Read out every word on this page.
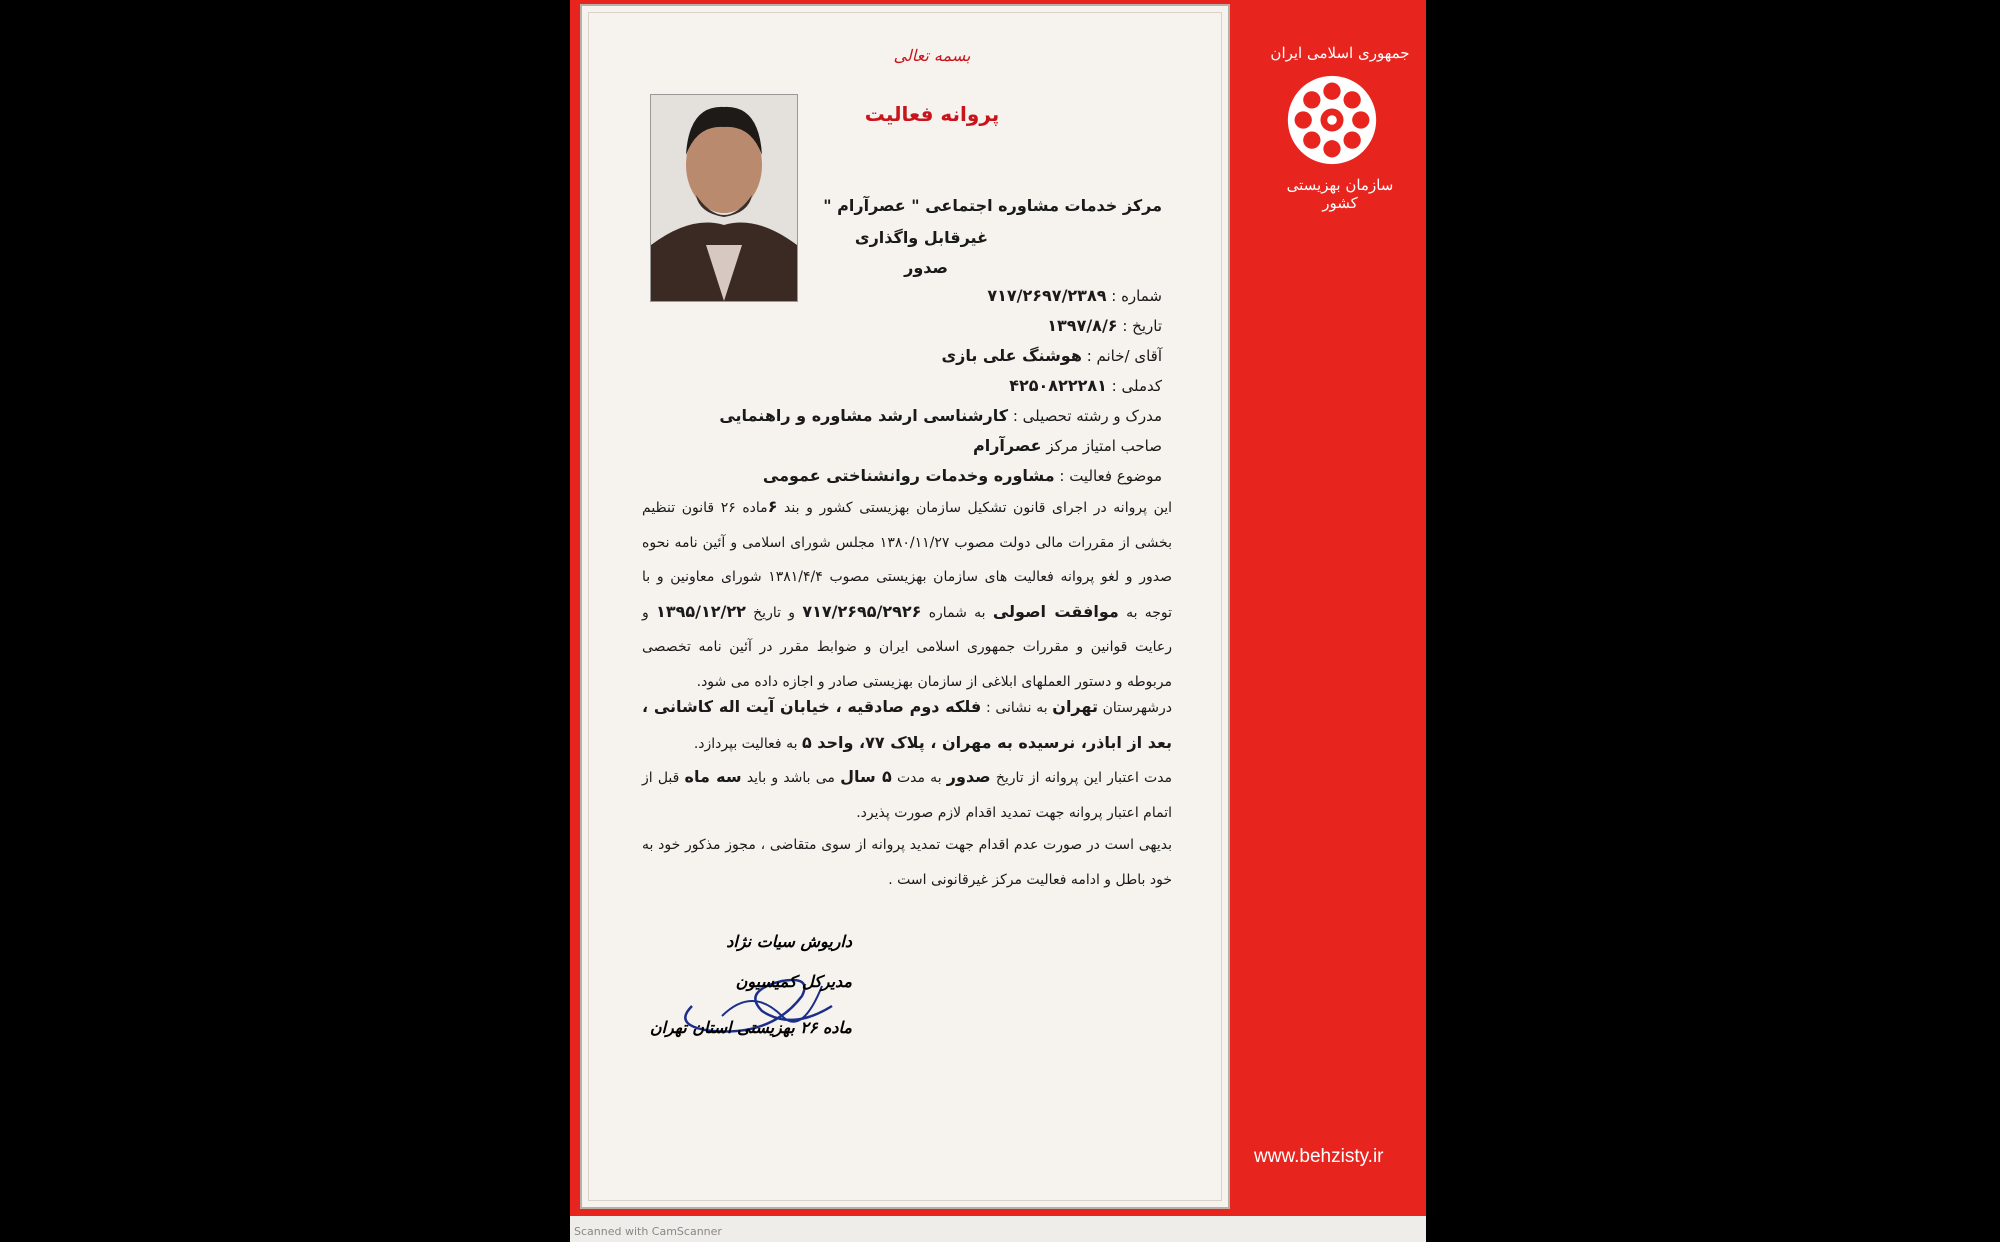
جمهوری اسلامی ایران
سازمان بهزیستی کشور
www.behzisty.ir
بسمه تعالی
پروانه فعالیت
مرکز خدمات مشاوره اجتماعی " عصرآرام "
غیرقابل واگذاری
صدور
شماره : ۷۱۷/۲۶۹۷/۲۳۸۹
تاریخ : ۱۳۹۷/۸/۶
آقای /خانم : هوشنگ علی بازی
کدملی : ۴۲۵۰۸۲۲۲۸۱
مدرک و رشته تحصیلی : کارشناسی ارشد مشاوره و راهنمایی
صاحب امتیاز مرکز عصرآرام
موضوع فعالیت : مشاوره وخدمات روانشناختی عمومی
این پروانه در اجرای قانون تشکیل سازمان بهزیستی کشور و بند ۶ماده ۲۶ قانون تنظیم بخشی از مقررات مالی دولت مصوب ۱۳۸۰/۱۱/۲۷ مجلس شورای اسلامی و آئین نامه نحوه صدور و لغو پروانه فعالیت های سازمان بهزیستی مصوب ۱۳۸۱/۴/۴ شورای معاونین و با توجه به موافقت اصولی به شماره ۷۱۷/۲۶۹۵/۲۹۲۶ و تاریخ ۱۳۹۵/۱۲/۲۲ و رعایت قوانین و مقررات جمهوری اسلامی ایران و ضوابط مقرر در آئین نامه تخصصی مربوطه و دستور العملهای ابلاغی از سازمان بهزیستی صادر و اجازه داده می شود.
درشهرستان تهران به نشانی : فلکه دوم صادقیه ، خیابان آیت اله کاشانی ، بعد از اباذر، نرسیده به مهران ، پلاک ۷۷، واحد ۵ به فعالیت بپردازد.
مدت اعتبار این پروانه از تاریخ صدور به مدت ۵ سال می باشد و باید سه ماه قبل از اتمام اعتبار پروانه جهت تمدید اقدام لازم صورت پذیرد.
بدیهی است در صورت عدم اقدام جهت تمدید پروانه از سوی متقاضی ، مجوز مذکور خود به خود باطل و ادامه فعالیت مرکز غیرقانونی است .
داریوش سیات نژاد
مدیرکل کمیسیون
ماده ۲۶ بهزیستی استان تهران
Scanned with CamScanner
